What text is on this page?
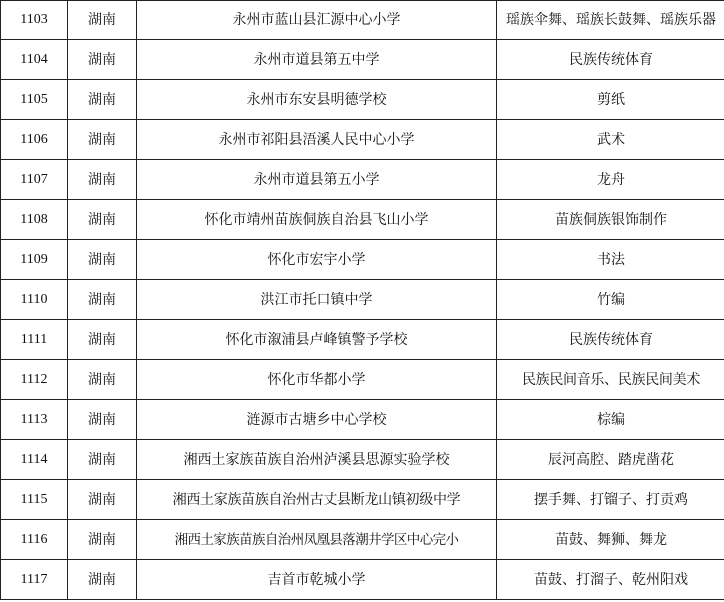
1103	湖南	永州市蓝山县汇源中心小学	瑶族伞舞、瑶族长鼓舞、瑶族乐器
1104	湖南	永州市道县第五中学	民族传统体育
1105	湖南	永州市东安县明德学校	剪纸
1106	湖南	永州市祁阳县浯溪人民中心小学	武术
1107	湖南	永州市道县第五小学	龙舟
1108	湖南	怀化市靖州苗族侗族自治县飞山小学	苗族侗族银饰制作
1109	湖南	怀化市宏宇小学	书法
1110	湖南	洪江市托口镇中学	竹编
1111	湖南	怀化市溆浦县卢峰镇警予学校	民族传统体育
1112	湖南	怀化市华都小学	民族民间音乐、民族民间美术
1113	湖南	涟源市古塘乡中心学校	棕编
1114	湖南	湘西土家族苗族自治州泸溪县思源实验学校	辰河高腔、踏虎凿花
1115	湖南	湘西土家族苗族自治州古丈县断龙山镇初级中学	摆手舞、打镏子、打贡鸡
1116	湖南	湘西土家族苗族自治州凤凰县落潮井学区中心完小	苗鼓、舞狮、舞龙
1117	湖南	吉首市乾城小学	苗鼓、打溜子、乾州阳戏
